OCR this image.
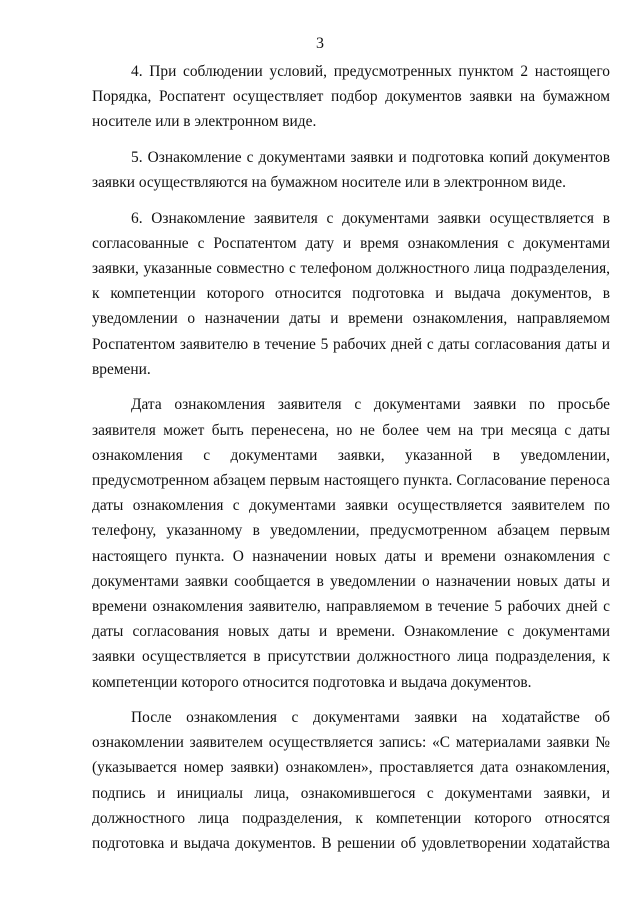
3

4. При соблюдении условий, предусмотренных пунктом 2 настоящего Порядка, Роспатент осуществляет подбор документов заявки на бумажном носителе или в электронном виде.

5. Ознакомление с документами заявки и подготовка копий документов заявки осуществляются на бумажном носителе или в электронном виде.

6. Ознакомление заявителя с документами заявки осуществляется в согласованные с Роспатентом дату и время ознакомления с документами заявки, указанные совместно с телефоном должностного лица подразделения, к компетенции которого относится подготовка и выдача документов, в уведомлении о назначении даты и времени ознакомления, направляемом Роспатентом заявителю в течение 5 рабочих дней с даты согласования даты и времени.

Дата ознакомления заявителя с документами заявки по просьбе заявителя может быть перенесена, но не более чем на три месяца с даты ознакомления с документами заявки, указанной в уведомлении, предусмотренном абзацем первым настоящего пункта. Согласование переноса даты ознакомления с документами заявки осуществляется заявителем по телефону, указанному в уведомлении, предусмотренном абзацем первым настоящего пункта. О назначении новых даты и времени ознакомления с документами заявки сообщается в уведомлении о назначении новых даты и времени ознакомления заявителю, направляемом в течение 5 рабочих дней с даты согласования новых даты и времени. Ознакомление с документами заявки осуществляется в присутствии должностного лица подразделения, к компетенции которого относится подготовка и выдача документов.

После ознакомления с документами заявки на ходатайстве об ознакомлении заявителем осуществляется запись: «С материалами заявки № (указывается номер заявки) ознакомлен», проставляется дата ознакомления, подпись и инициалы лица, ознакомившегося с документами заявки, и должностного лица подразделения, к компетенции которого относятся подготовка и выдача документов. В решении об удовлетворении ходатайства
